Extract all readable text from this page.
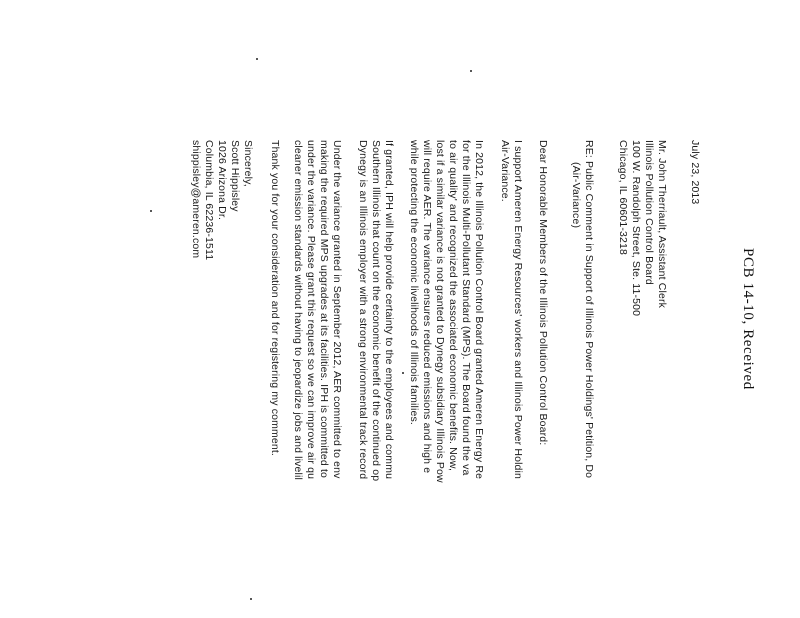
PCB 14-10, Received
July 23, 2013
Mr. John Therriault, Assistant Clerk
Illinois Pollution Control Board
100 W. Randolph Street, Ste. 11-500
Chicago, IL 60601-3218
RE: Public Comment in Support of Illinois Power Holdings' Petition, Do
(Air-Variance)
Dear Honorable Members of the Illinois Pollution Control Board:
I support Ameren Energy Resources' workers and Illinois Power Holdin
Air-Variance.
In 2012, the Illinois Pollution Control Board granted Ameren Energy Re
for the Illinois Multi-Pollutant Standard (MPS). The Board found the va
to air quality' and recognized the associated economic benefits. Now,
lost if a similar variance is not granted to Dynegy subsidiary Illinois Pow
will require AER. The variance ensures reduced emissions and high e
while protecting the economic livelihoods of Illinois families.
If granted, IPH will help provide certainty to the employees and commu
Southern Illinois that count on the economic benefit of the continued op
Dynegy is an Illinois employer with a strong environmental track record
Under the variance granted in September 2012, AER committed to env
making the required MPS upgrades at its facilities. IPH is committed to
under the variance. Please grant this request so we can improve air qu
cleaner emission standards without having to jeopardize jobs and livelil
Thank you for your consideration and for registering my comment.
Sincerely,
Scott Hippisley
1026 Arizona Dr.
Columbia, IL 62236-1511
shippisley@ameren.com
